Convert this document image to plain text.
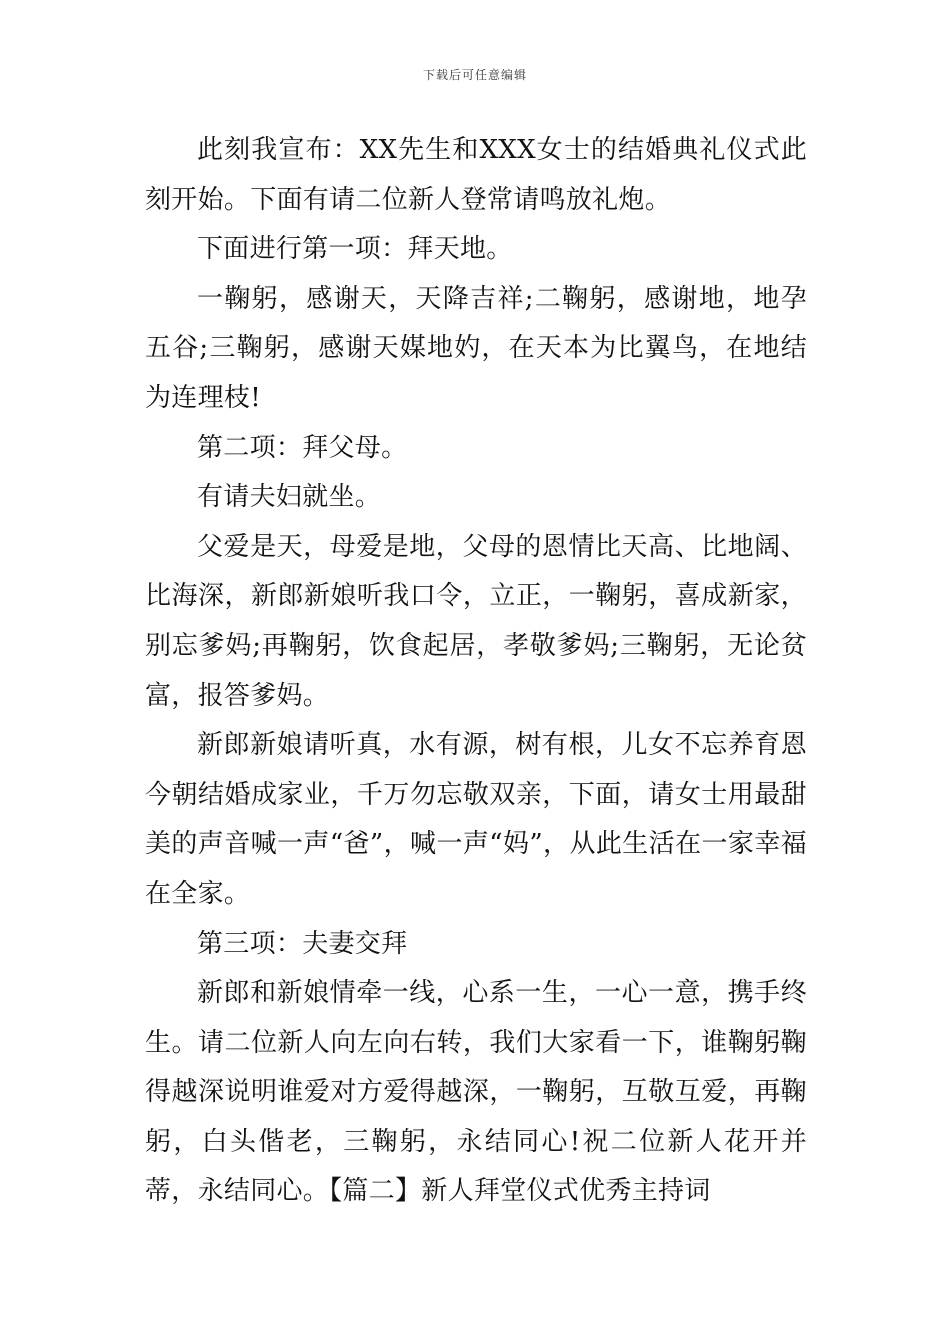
下载后可任意编辑

此刻我宣布：XX先生和XXX女士的结婚典礼仪式此刻开始。下面有请二位新人登常请鸣放礼炮。

下面进行第一项：拜天地。

一鞠躬，感谢天，天降吉祥;二鞠躬，感谢地，地孕五谷;三鞠躬，感谢天媒地妁，在天本为比翼鸟，在地结为连理枝!

第二项：拜父母。

有请夫妇就坐。

父爱是天，母爱是地，父母的恩情比天高、比地阔、比海深，新郎新娘听我口令，立正，一鞠躬，喜成新家，别忘爹妈;再鞠躬，饮食起居，孝敬爹妈;三鞠躬，无论贫富，报答爹妈。

新郎新娘请听真，水有源，树有根，儿女不忘养育恩今朝结婚成家业，千万勿忘敬双亲，下面，请女士用最甜美的声音喊一声“爸”，喊一声“妈”，从此生活在一家幸福在全家。

第三项：夫妻交拜

新郎和新娘情牵一线，心系一生，一心一意，携手终生。请二位新人向左向右转，我们大家看一下，谁鞠躬鞠得越深说明谁爱对方爱得越深，一鞠躬，互敬互爱，再鞠躬，白头偕老，三鞠躬，永结同心!祝二位新人花开并蒂，永结同心。【篇二】新人拜堂仪式优秀主持词
